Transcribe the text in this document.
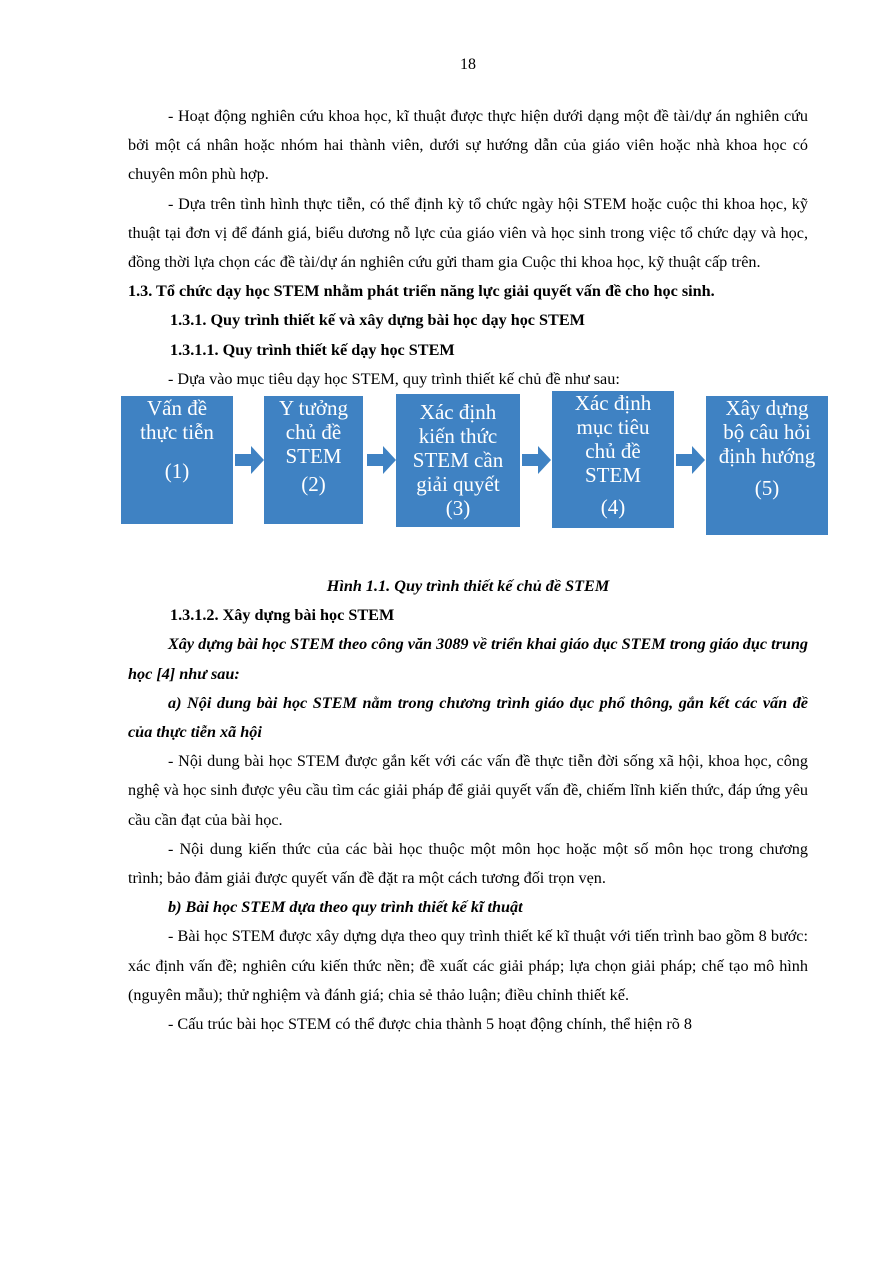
18

- Hoạt động nghiên cứu khoa học, kĩ thuật được thực hiện dưới dạng một đề tài/dự án nghiên cứu bởi một cá nhân hoặc nhóm hai thành viên, dưới sự hướng dẫn của giáo viên hoặc nhà khoa học có chuyên môn phù hợp.

- Dựa trên tình hình thực tiễn, có thể định kỳ tổ chức ngày hội STEM hoặc cuộc thi khoa học, kỹ thuật tại đơn vị để đánh giá, biểu dương nỗ lực của giáo viên và học sinh trong việc tổ chức dạy và học, đồng thời lựa chọn các đề tài/dự án nghiên cứu gửi tham gia Cuộc thi khoa học, kỹ thuật cấp trên.

1.3. Tổ chức dạy học STEM nhằm phát triển năng lực giải quyết vấn đề cho học sinh.

1.3.1. Quy trình thiết kế và xây dựng bài học dạy học STEM

1.3.1.1. Quy trình thiết kế dạy học STEM

- Dựa vào mục tiêu dạy học STEM, quy trình thiết kế chủ đề như sau:

Vấn đề
thực tiễn
(1)
Y tưởng
chủ đề
STEM
(2)
Xác định
kiến thức
STEM cần
giải quyết
(3)
Xác định
mục tiêu
chủ đề
STEM
(4)
Xây dựng
bộ câu hỏi
định hướng
(5)

Hình 1.1. Quy trình thiết kế chủ đề STEM

1.3.1.2. Xây dựng bài học STEM

Xây dựng bài học STEM theo công văn 3089 về triển khai giáo dục STEM trong giáo dục trung học [4] như sau:

a) Nội dung bài học STEM nằm trong chương trình giáo dục phổ thông, gắn kết các vấn đề của thực tiễn xã hội

- Nội dung bài học STEM được gắn kết với các vấn đề thực tiễn đời sống xã hội, khoa học, công nghệ và học sinh được yêu cầu tìm các giải pháp để giải quyết vấn đề, chiếm lĩnh kiến thức, đáp ứng yêu cầu cần đạt của bài học.

- Nội dung kiến thức của các bài học thuộc một môn học hoặc một số môn học trong chương trình; bảo đảm giải được quyết vấn đề đặt ra một cách tương đối trọn vẹn.

b) Bài học STEM dựa theo quy trình thiết kế kĩ thuật

- Bài học STEM được xây dựng dựa theo quy trình thiết kế kĩ thuật với tiến trình bao gồm 8 bước: xác định vấn đề; nghiên cứu kiến thức nền; đề xuất các giải pháp; lựa chọn giải pháp; chế tạo mô hình (nguyên mẫu); thử nghiệm và đánh giá; chia sẻ thảo luận; điều chỉnh thiết kế.

- Cấu trúc bài học STEM có thể được chia thành 5 hoạt động chính, thể hiện rõ 8
